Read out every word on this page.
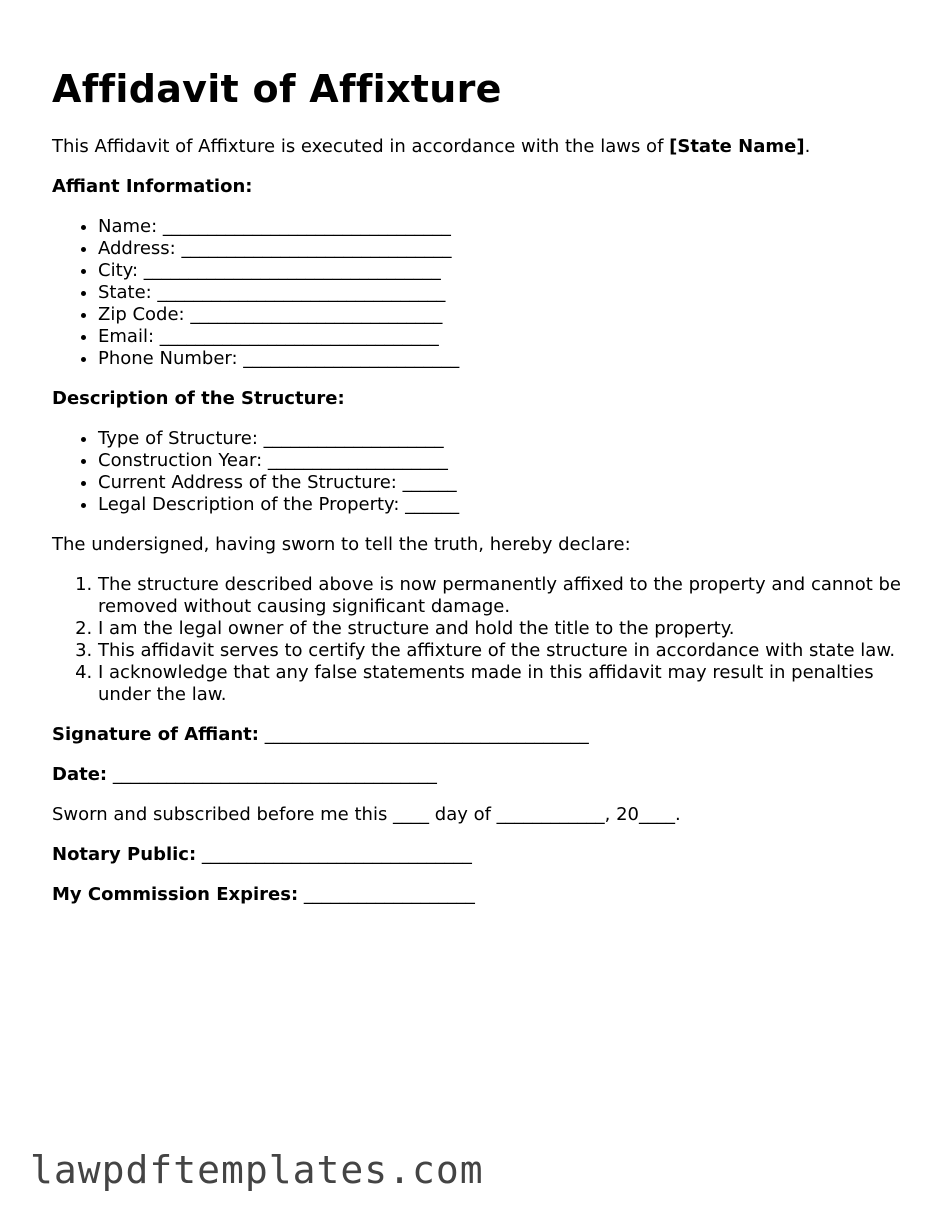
Affidavit of Affixture

This Affidavit of Affixture is executed in accordance with the laws of [State Name].

Affiant Information:

• Name: ________________________________
• Address: ______________________________
• City: _________________________________
• State: ________________________________
• Zip Code: ____________________________
• Email: _______________________________
• Phone Number: ________________________

Description of the Structure:

• Type of Structure: ____________________
• Construction Year: ____________________
• Current Address of the Structure: ______
• Legal Description of the Property: ______

The undersigned, having sworn to tell the truth, hereby declare:

1. The structure described above is now permanently affixed to the property and cannot be removed without causing significant damage.
2. I am the legal owner of the structure and hold the title to the property.
3. This affidavit serves to certify the affixture of the structure in accordance with state law.
4. I acknowledge that any false statements made in this affidavit may result in penalties under the law.

Signature of Affiant: ____________________________________

Date: ____________________________________

Sworn and subscribed before me this ____ day of ____________, 20____.

Notary Public: ______________________________

My Commission Expires: ___________________

lawpdftemplates.com
